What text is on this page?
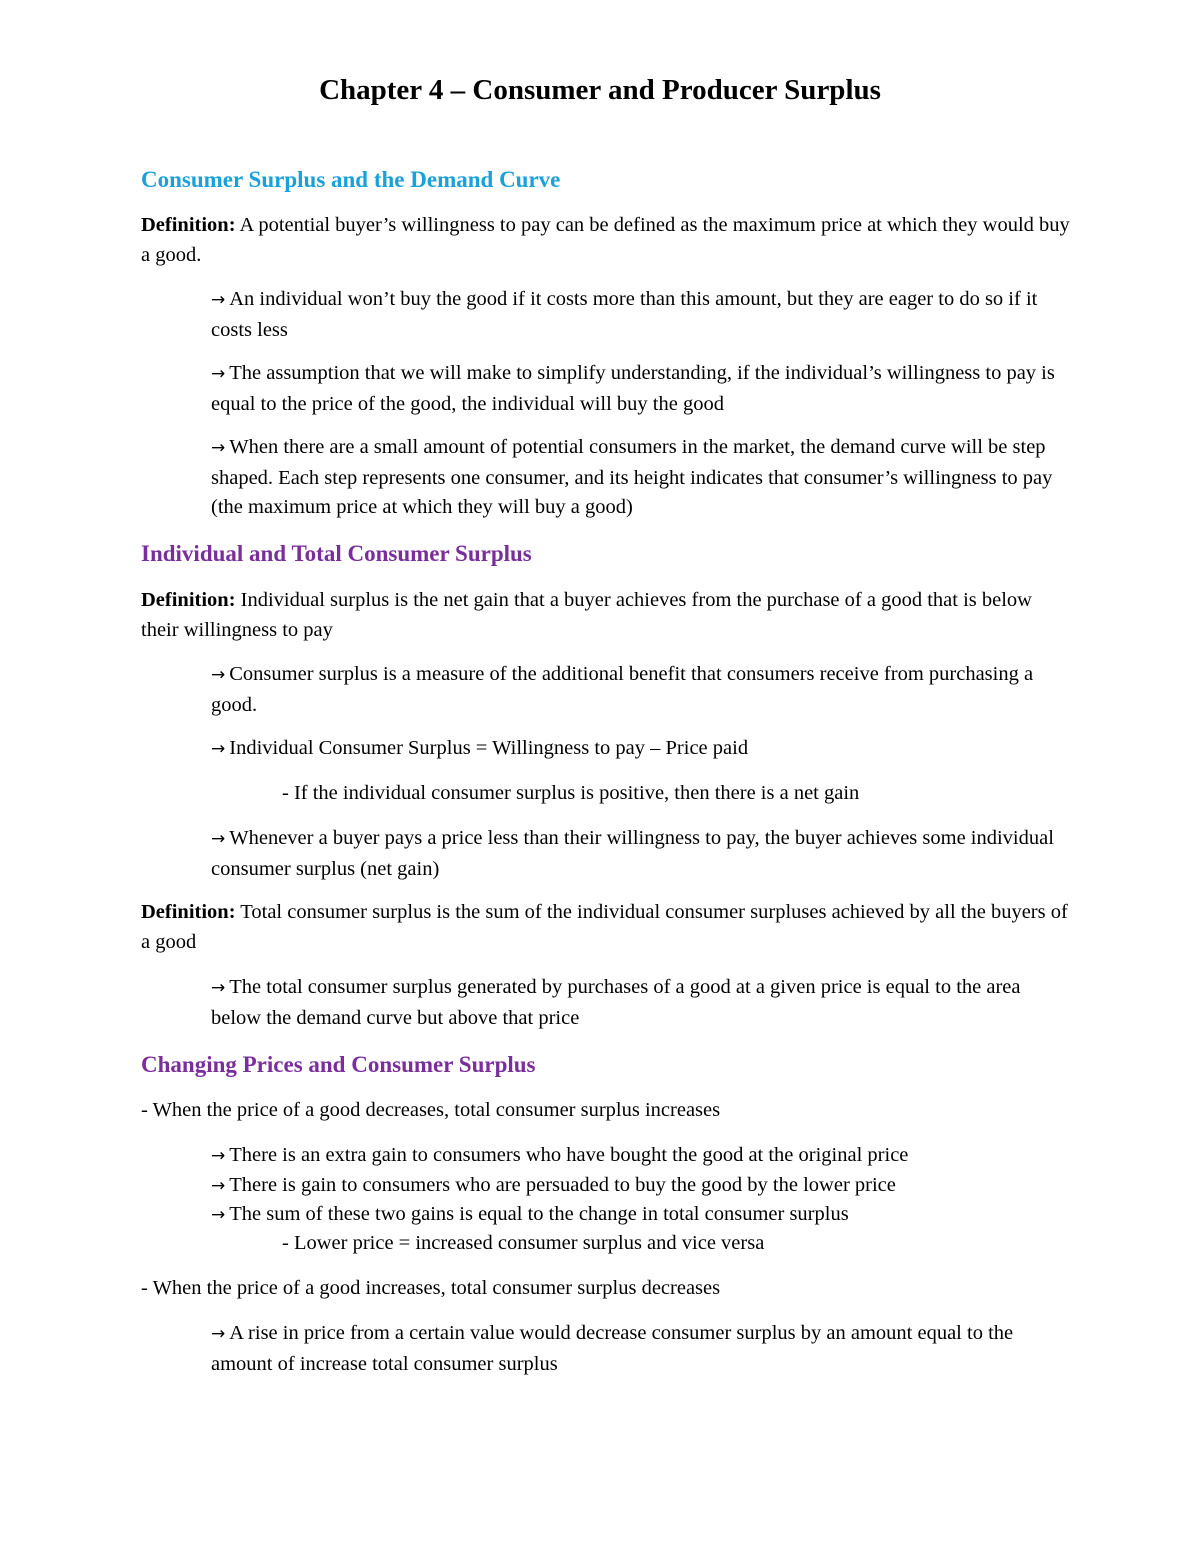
Chapter 4 – Consumer and Producer Surplus
Consumer Surplus and the Demand Curve

Definition: A potential buyer’s willingness to pay can be defined as the maximum price at which they would buy a good.

→ An individual won’t buy the good if it costs more than this amount, but they are eager to do so if it costs less

→ The assumption that we will make to simplify understanding, if the individual’s willingness to pay is equal to the price of the good, the individual will buy the good

→ When there are a small amount of potential consumers in the market, the demand curve will be step shaped. Each step represents one consumer, and its height indicates that consumer’s willingness to pay (the maximum price at which they will buy a good)

Individual and Total Consumer Surplus

Definition: Individual surplus is the net gain that a buyer achieves from the purchase of a good that is below their willingness to pay

→ Consumer surplus is a measure of the additional benefit that consumers receive from purchasing a good.

→ Individual Consumer Surplus = Willingness to pay – Price paid

- If the individual consumer surplus is positive, then there is a net gain

→ Whenever a buyer pays a price less than their willingness to pay, the buyer achieves some individual consumer surplus (net gain)

Definition: Total consumer surplus is the sum of the individual consumer surpluses achieved by all the buyers of a good

→ The total consumer surplus generated by purchases of a good at a given price is equal to the area below the demand curve but above that price

Changing Prices and Consumer Surplus

- When the price of a good decreases, total consumer surplus increases

→ There is an extra gain to consumers who have bought the good at the original price

→ There is gain to consumers who are persuaded to buy the good by the lower price

→ The sum of these two gains is equal to the change in total consumer surplus

- Lower price = increased consumer surplus and vice versa

- When the price of a good increases, total consumer surplus decreases

→ A rise in price from a certain value would decrease consumer surplus by an amount equal to the amount of increase total consumer surplus
